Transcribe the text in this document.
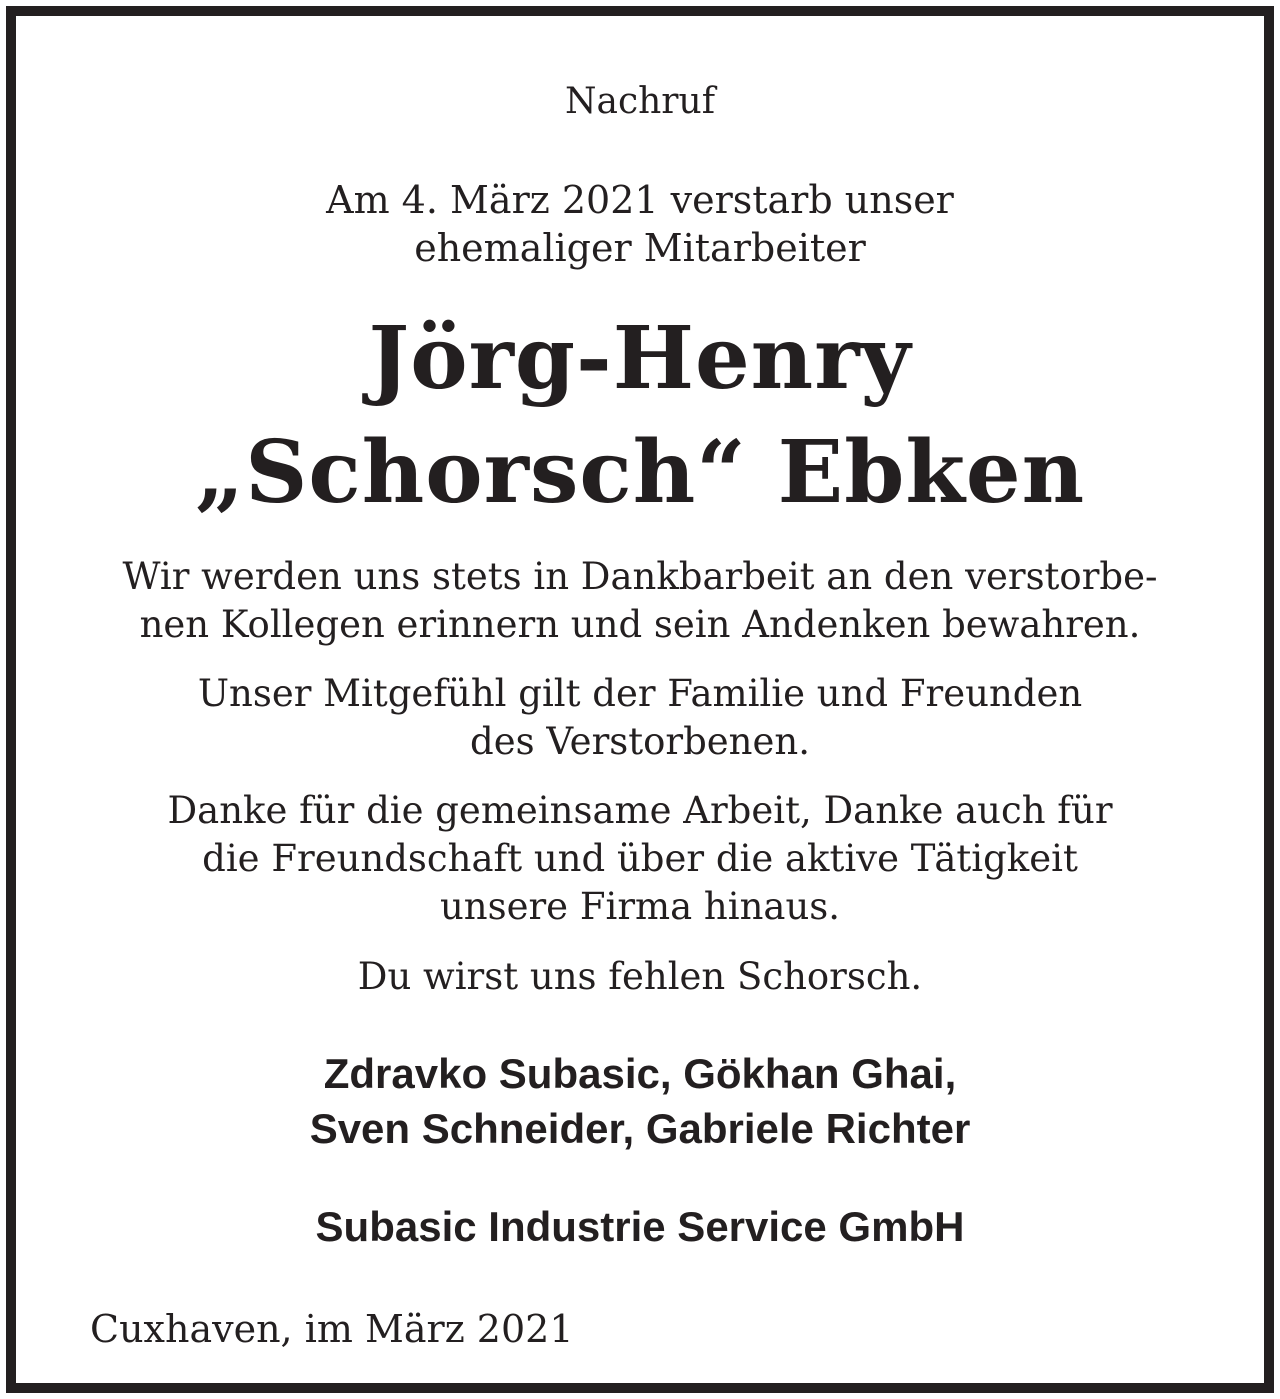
Nachruf
Am 4. März 2021 verstarb unser
ehemaliger Mitarbeiter
Jörg-Henry
„Schorsch“ Ebken
Wir werden uns stets in Dankbarbeit an den verstorbe-
nen Kollegen erinnern und sein Andenken bewahren.
Unser Mitgefühl gilt der Familie und Freunden
des Verstorbenen.
Danke für die gemeinsame Arbeit, Danke auch für
die Freundschaft und über die aktive Tätigkeit
unsere Firma hinaus.
Du wirst uns fehlen Schorsch.
Zdravko Subasic, Gökhan Ghai,
Sven Schneider, Gabriele Richter
Subasic Industrie Service GmbH
Cuxhaven, im März 2021
